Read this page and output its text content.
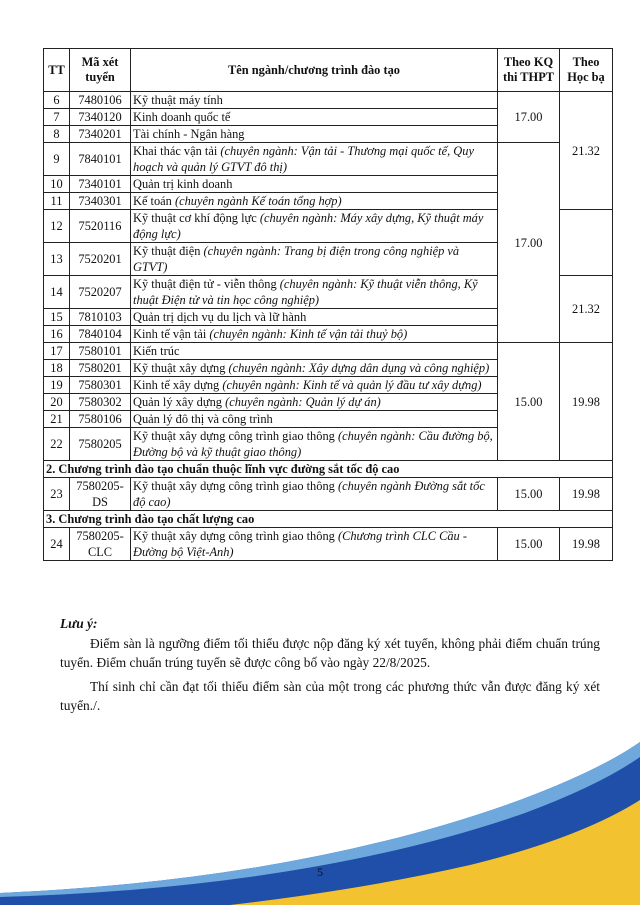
TT	Mã xét tuyển	Tên ngành/chương trình đào tạo	Theo KQ thi THPT	Theo Học bạ
6	7480106	Kỹ thuật máy tính	17.00	21.32
7	7340120	Kinh doanh quốc tế		
8	7340201	Tài chính - Ngân hàng		
9	7840101	Khai thác vận tải (chuyên ngành: Vận tải - Thương mại quốc tế, Quy hoạch và quản lý GTVT đô thị)	17.00	
10	7340101	Quản trị kinh doanh		
11	7340301	Kế toán (chuyên ngành Kế toán tổng hợp)		
12	7520116	Kỹ thuật cơ khí động lực (chuyên ngành: Máy xây dựng, Kỹ thuật máy động lực)		
13	7520201	Kỹ thuật điện (chuyên ngành: Trang bị điện trong công nghiệp và GTVT)		
14	7520207	Kỹ thuật điện tử - viễn thông (chuyên ngành: Kỹ thuật viễn thông, Kỹ thuật Điện tử và tin học công nghiệp)		21.32
15	7810103	Quản trị dịch vụ du lịch và lữ hành		
16	7840104	Kinh tế vận tải (chuyên ngành: Kinh tế vận tải thuỷ bộ)		
17	7580101	Kiến trúc	15.00	19.98
18	7580201	Kỹ thuật xây dựng (chuyên ngành: Xây dựng dân dụng và công nghiệp)		
19	7580301	Kinh tế xây dựng (chuyên ngành: Kinh tế và quản lý đầu tư xây dựng)		
20	7580302	Quản lý xây dựng (chuyên ngành: Quản lý dự án)		
21	7580106	Quản lý đô thị và công trình		
22	7580205	Kỹ thuật xây dựng công trình giao thông (chuyên ngành: Cầu đường bộ, Đường bộ và kỹ thuật giao thông)		
2. Chương trình đào tạo chuẩn thuộc lĩnh vực đường sắt tốc độ cao				
23	7580205-DS	Kỹ thuật xây dựng công trình giao thông (chuyên ngành Đường sắt tốc độ cao)	15.00	19.98
3. Chương trình đào tạo chất lượng cao				
24	7580205-CLC	Kỹ thuật xây dựng công trình giao thông (Chương trình CLC Cầu - Đường bộ Việt-Anh)	15.00	19.98
Lưu ý:

Điểm sàn là ngưỡng điểm tối thiểu được nộp đăng ký xét tuyển, không phải điểm chuẩn trúng tuyển. Điểm chuẩn trúng tuyển sẽ được công bố vào ngày 22/8/2025.

Thí sinh chỉ cần đạt tối thiểu điểm sàn của một trong các phương thức vẫn được đăng ký xét tuyển./.

5
